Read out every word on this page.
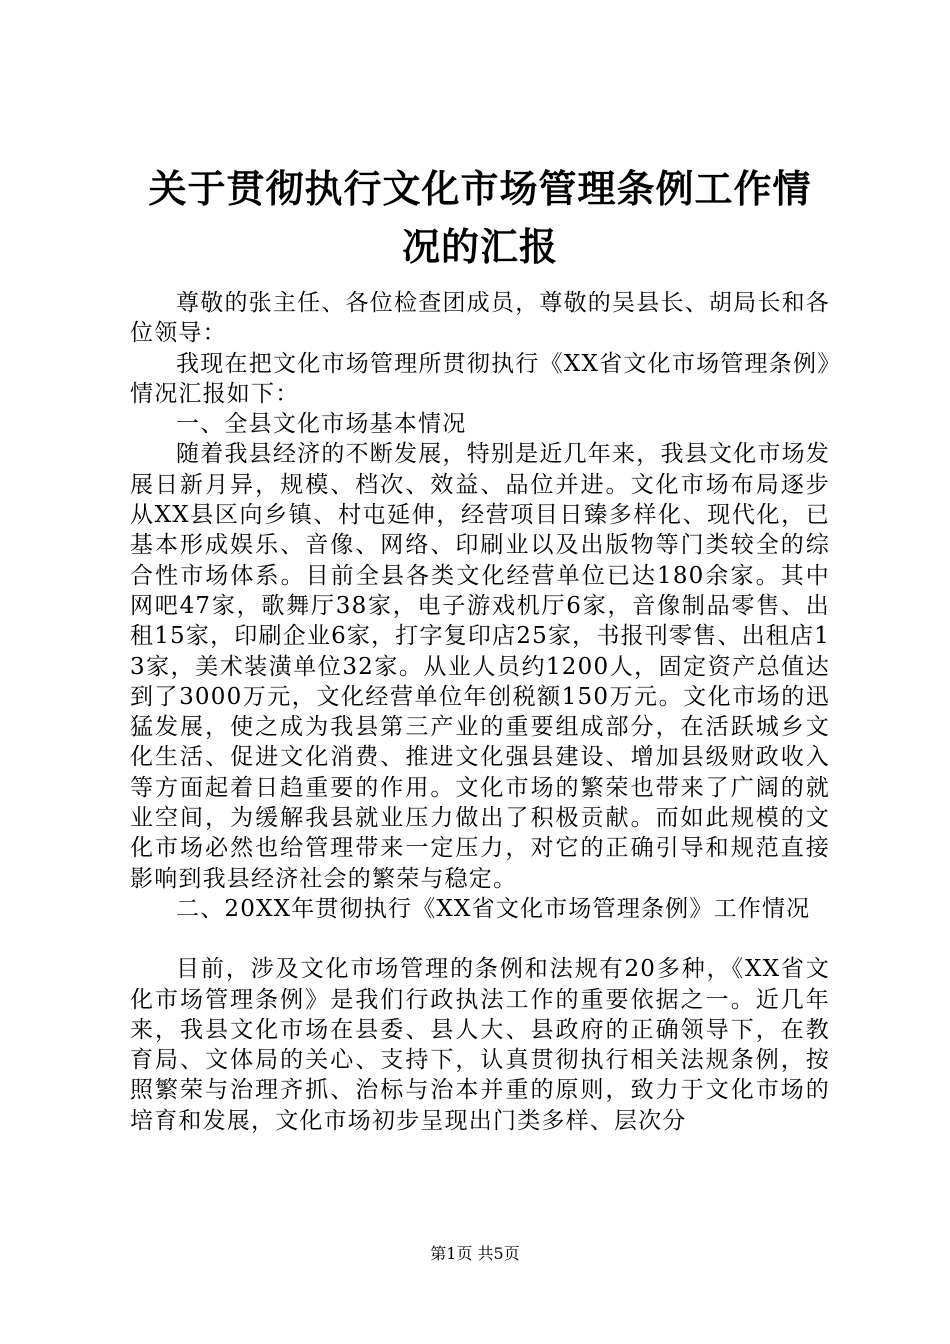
关于贯彻执行文化市场管理条例工作情况的汇报

尊敬的张主任、各位检查团成员，尊敬的吴县长、胡局长和各位领导：

我现在把文化市场管理所贯彻执行《XX省文化市场管理条例》情况汇报如下：

一、全县文化市场基本情况

随着我县经济的不断发展，特别是近几年来，我县文化市场发展日新月异，规模、档次、效益、品位并进。文化市场布局逐步从XX县区向乡镇、村屯延伸，经营项目日臻多样化、现代化，已基本形成娱乐、音像、网络、印刷业以及出版物等门类较全的综合性市场体系。目前全县各类文化经营单位已达180余家。其中网吧47家，歌舞厅38家，电子游戏机厅6家，音像制品零售、出租15家，印刷企业6家，打字复印店25家，书报刊零售、出租店13家，美术装潢单位32家。从业人员约1200人，固定资产总值达到了3000万元，文化经营单位年创税额150万元。文化市场的迅猛发展，使之成为我县第三产业的重要组成部分，在活跃城乡文化生活、促进文化消费、推进文化强县建设、增加县级财政收入等方面起着日趋重要的作用。文化市场的繁荣也带来了广阔的就业空间，为缓解我县就业压力做出了积极贡献。而如此规模的文化市场必然也给管理带来一定压力，对它的正确引导和规范直接影响到我县经济社会的繁荣与稳定。

二、20XX年贯彻执行《XX省文化市场管理条例》工作情况

目前，涉及文化市场管理的条例和法规有20多种，《XX省文化市场管理条例》是我们行政执法工作的重要依据之一。近几年来，我县文化市场在县委、县人大、县政府的正确领导下，在教育局、文体局的关心、支持下，认真贯彻执行相关法规条例，按照繁荣与治理齐抓、治标与治本并重的原则，致力于文化市场的培育和发展，文化市场初步呈现出门类多样、层次分

第1页 共5页
